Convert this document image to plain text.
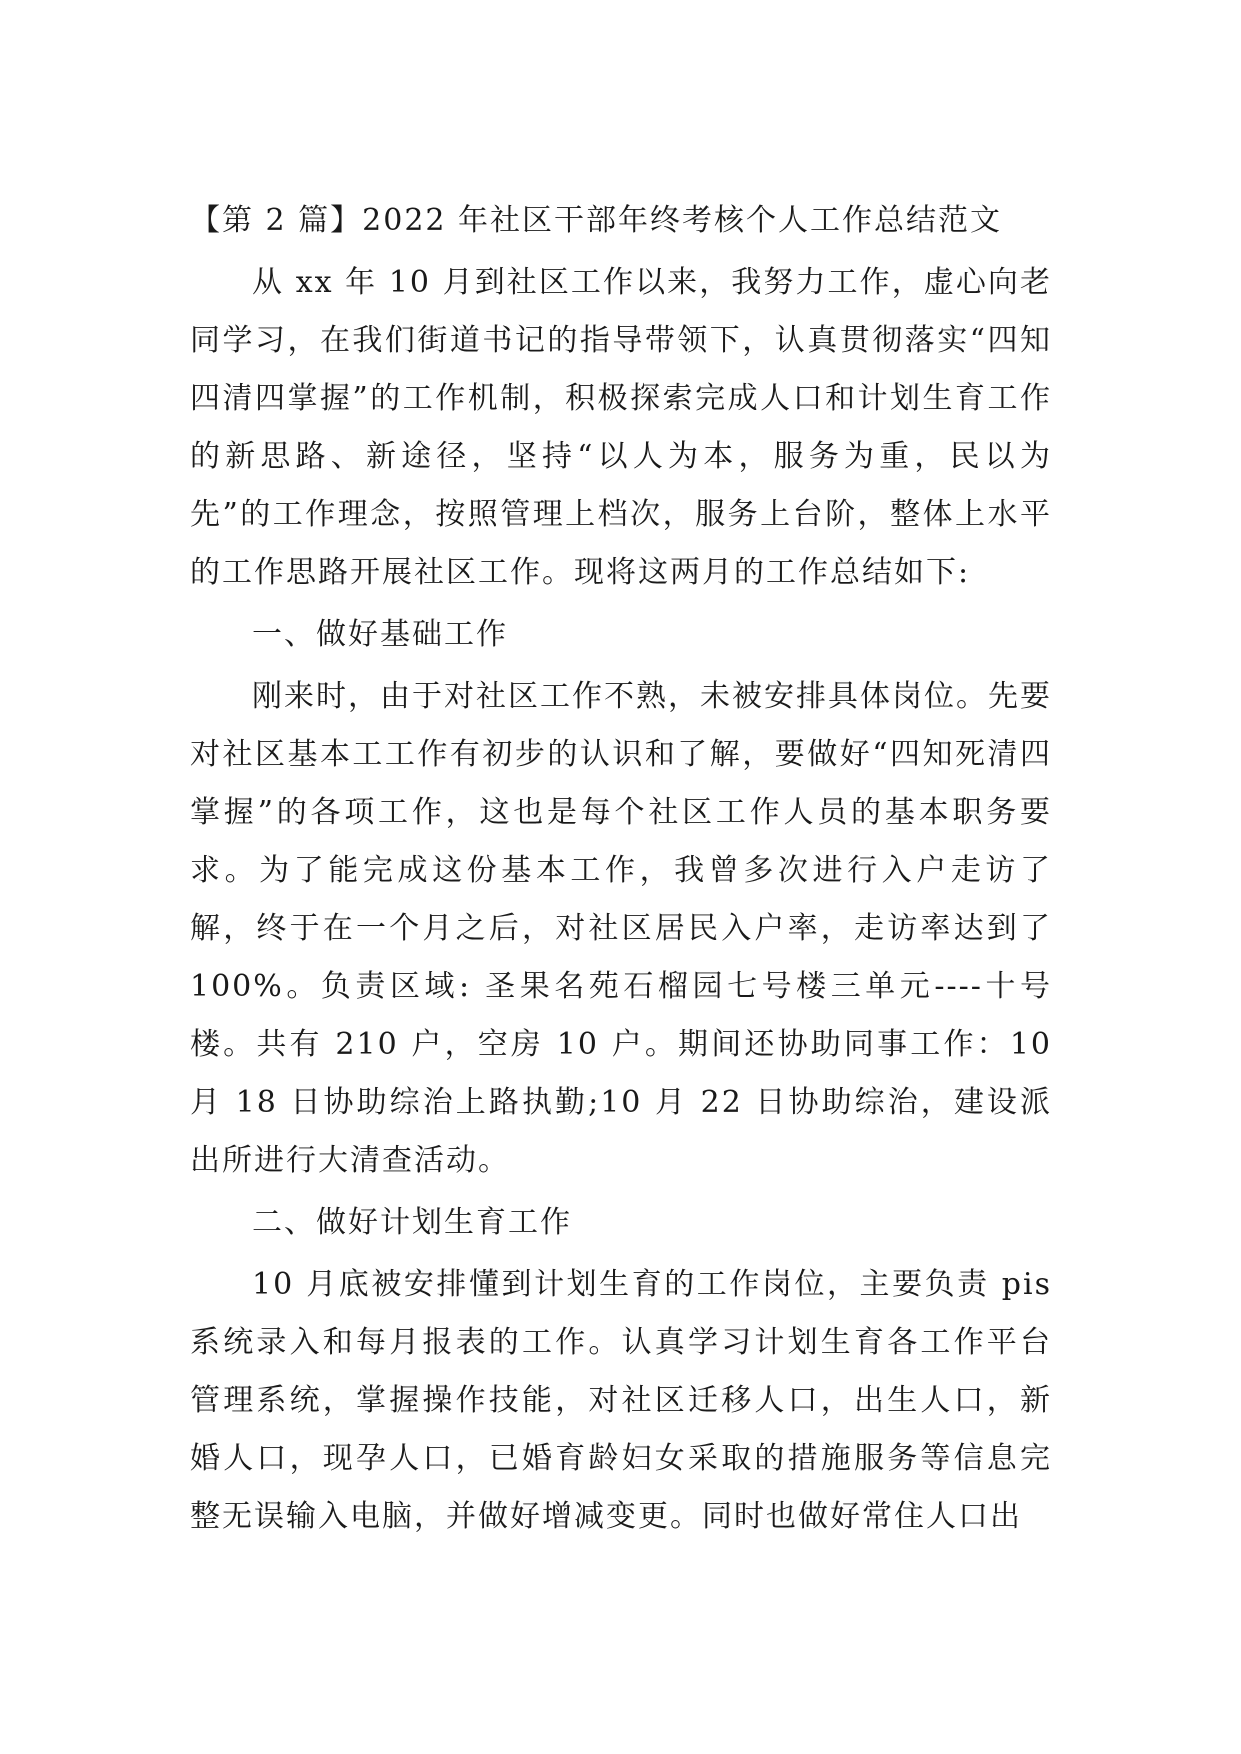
【第 2 篇】2022 年社区干部年终考核个人工作总结范文

从 xx 年 10 月到社区工作以来，我努力工作，虚心向老同学习，在我们街道书记的指导带领下，认真贯彻落实“四知四清四掌握”的工作机制，积极探索完成人口和计划生育工作的新思路、新途径，坚持“以人为本，服务为重，民以为先”的工作理念，按照管理上档次，服务上台阶，整体上水平的工作思路开展社区工作。现将这两月的工作总结如下:

一、做好基础工作

刚来时，由于对社区工作不熟，未被安排具体岗位。先要对社区基本工工作有初步的认识和了解，要做好“四知死清四掌握”的各项工作，这也是每个社区工作人员的基本职务要求。为了能完成这份基本工作，我曾多次进行入户走访了解，终于在一个月之后，对社区居民入户率，走访率达到了 100%。负责区域: 圣果名苑石榴园七号楼三单元----十号楼。共有 210 户，空房 10 户。期间还协助同事工作：10 月 18 日协助综治上路执勤;10 月 22 日协助综治，建设派出所进行大清查活动。

二、做好计划生育工作

10 月底被安排懂到计划生育的工作岗位，主要负责 pis 系统录入和每月报表的工作。认真学习计划生育各工作平台管理系统，掌握操作技能，对社区迁移人口，出生人口，新婚人口，现孕人口，已婚育龄妇女采取的措施服务等信息完整无误输入电脑，并做好增减变更。同时也做好常住人口出
